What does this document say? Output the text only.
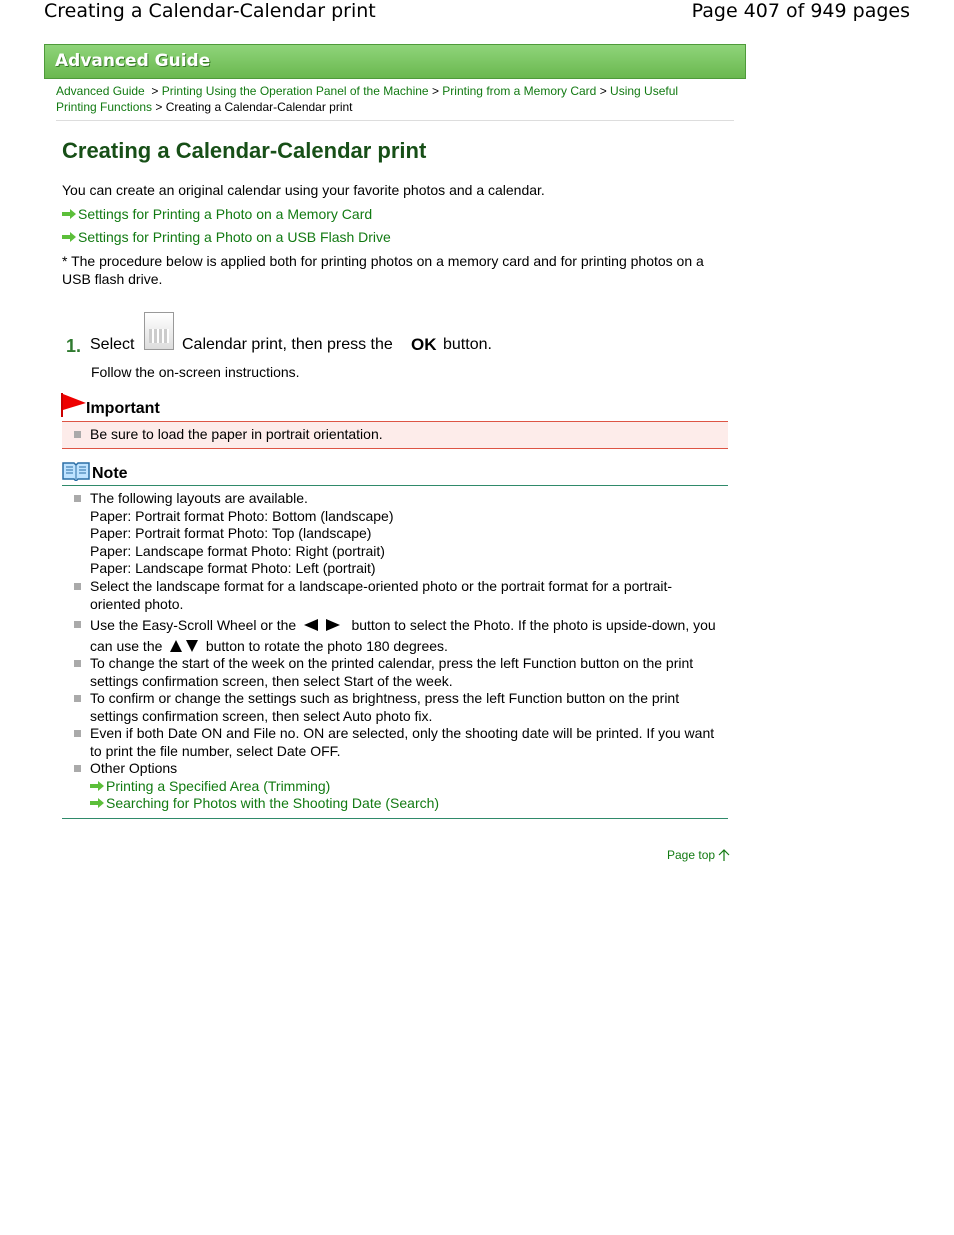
Creating a Calendar-Calendar print	Page 407 of 949 pages
Advanced Guide
Advanced Guide > Printing Using the Operation Panel of the Machine > Printing from a Memory Card > Using Useful Printing Functions > Creating a Calendar-Calendar print
Creating a Calendar-Calendar print
You can create an original calendar using your favorite photos and a calendar.
Settings for Printing a Photo on a Memory Card
Settings for Printing a Photo on a USB Flash Drive
* The procedure below is applied both for printing photos on a memory card and for printing photos on a
USB flash drive.
1. Select	Calendar print, then press the OK button.
Follow the on-screen instructions.
Important
Be sure to load the paper in portrait orientation.
Note
The following layouts are available.
Paper: Portrait format Photo: Bottom (landscape)
Paper: Portrait format Photo: Top (landscape)
Paper: Landscape format Photo: Right (portrait)
Paper: Landscape format Photo: Left (portrait)
Select the landscape format for a landscape-oriented photo or the portrait format for a portrait-
oriented photo.
Use the Easy-Scroll Wheel or the	button to select the Photo. If the photo is upside-down, you
can use the	button to rotate the photo 180 degrees.
To change the start of the week on the printed calendar, press the left Function button on the print
settings confirmation screen, then select Start of the week.
To confirm or change the settings such as brightness, press the left Function button on the print
settings confirmation screen, then select Auto photo fix.
Even if both Date ON and File no. ON are selected, only the shooting date will be printed. If you want
to print the file number, select Date OFF.
Other Options
Printing a Specified Area (Trimming)
Searching for Photos with the Shooting Date (Search)
Page top
